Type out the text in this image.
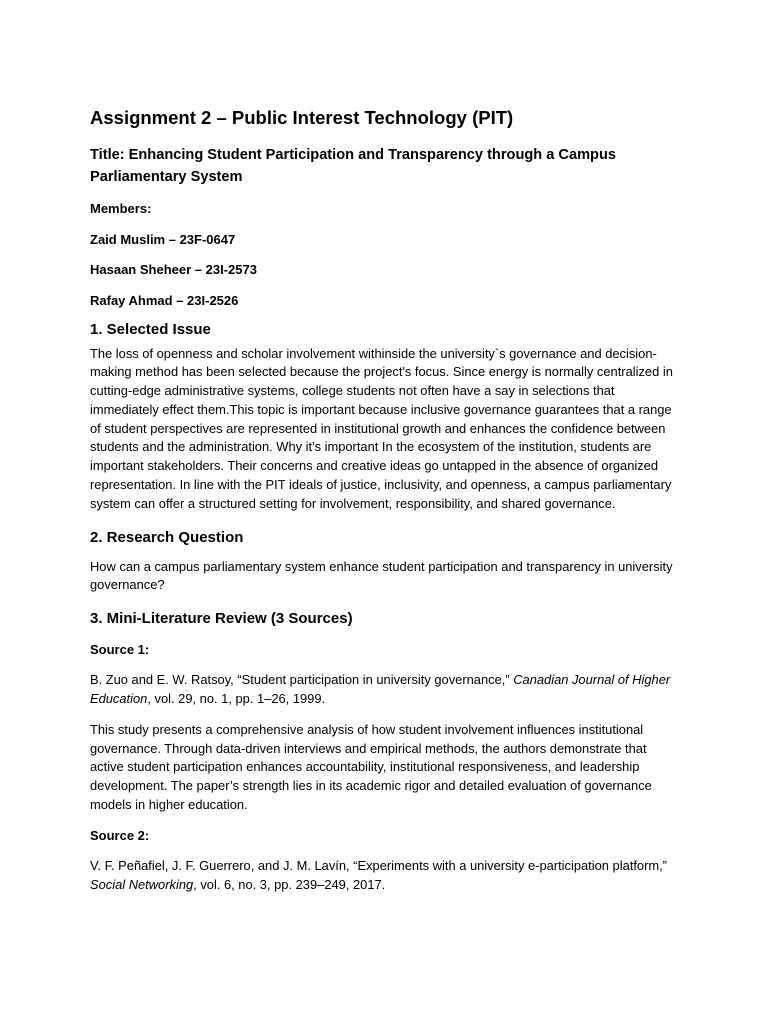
Assignment 2 – Public Interest Technology (PIT)
Title: Enhancing Student Participation and Transparency through a Campus Parliamentary System

Members:

Zaid Muslim – 23F-0647

Hasaan Sheheer – 23I-2573

Rafay Ahmad – 23I-2526

1. Selected Issue

The loss of openness and scholar involvement withinside the university`s governance and decision-making method has been selected because the project's focus. Since energy is normally centralized in cutting-edge administrative systems, college students not often have a say in selections that immediately effect them.This topic is important because inclusive governance guarantees that a range of student perspectives are represented in institutional growth and enhances the confidence between students and the administration. Why it's important In the ecosystem of the institution, students are important stakeholders. Their concerns and creative ideas go untapped in the absence of organized representation. In line with the PIT ideals of justice, inclusivity, and openness, a campus parliamentary system can offer a structured setting for involvement, responsibility, and shared governance.

2. Research Question

How can a campus parliamentary system enhance student participation and transparency in university governance?

3. Mini-Literature Review (3 Sources)

Source 1:

B. Zuo and E. W. Ratsoy, “Student participation in university governance,” Canadian Journal of Higher Education, vol. 29, no. 1, pp. 1–26, 1999.

This study presents a comprehensive analysis of how student involvement influences institutional governance. Through data-driven interviews and empirical methods, the authors demonstrate that active student participation enhances accountability, institutional responsiveness, and leadership development. The paper’s strength lies in its academic rigor and detailed evaluation of governance models in higher education.

Source 2:

V. F. Peñafiel, J. F. Guerrero, and J. M. Lavín, “Experiments with a university e-participation platform,” Social Networking, vol. 6, no. 3, pp. 239–249, 2017.
